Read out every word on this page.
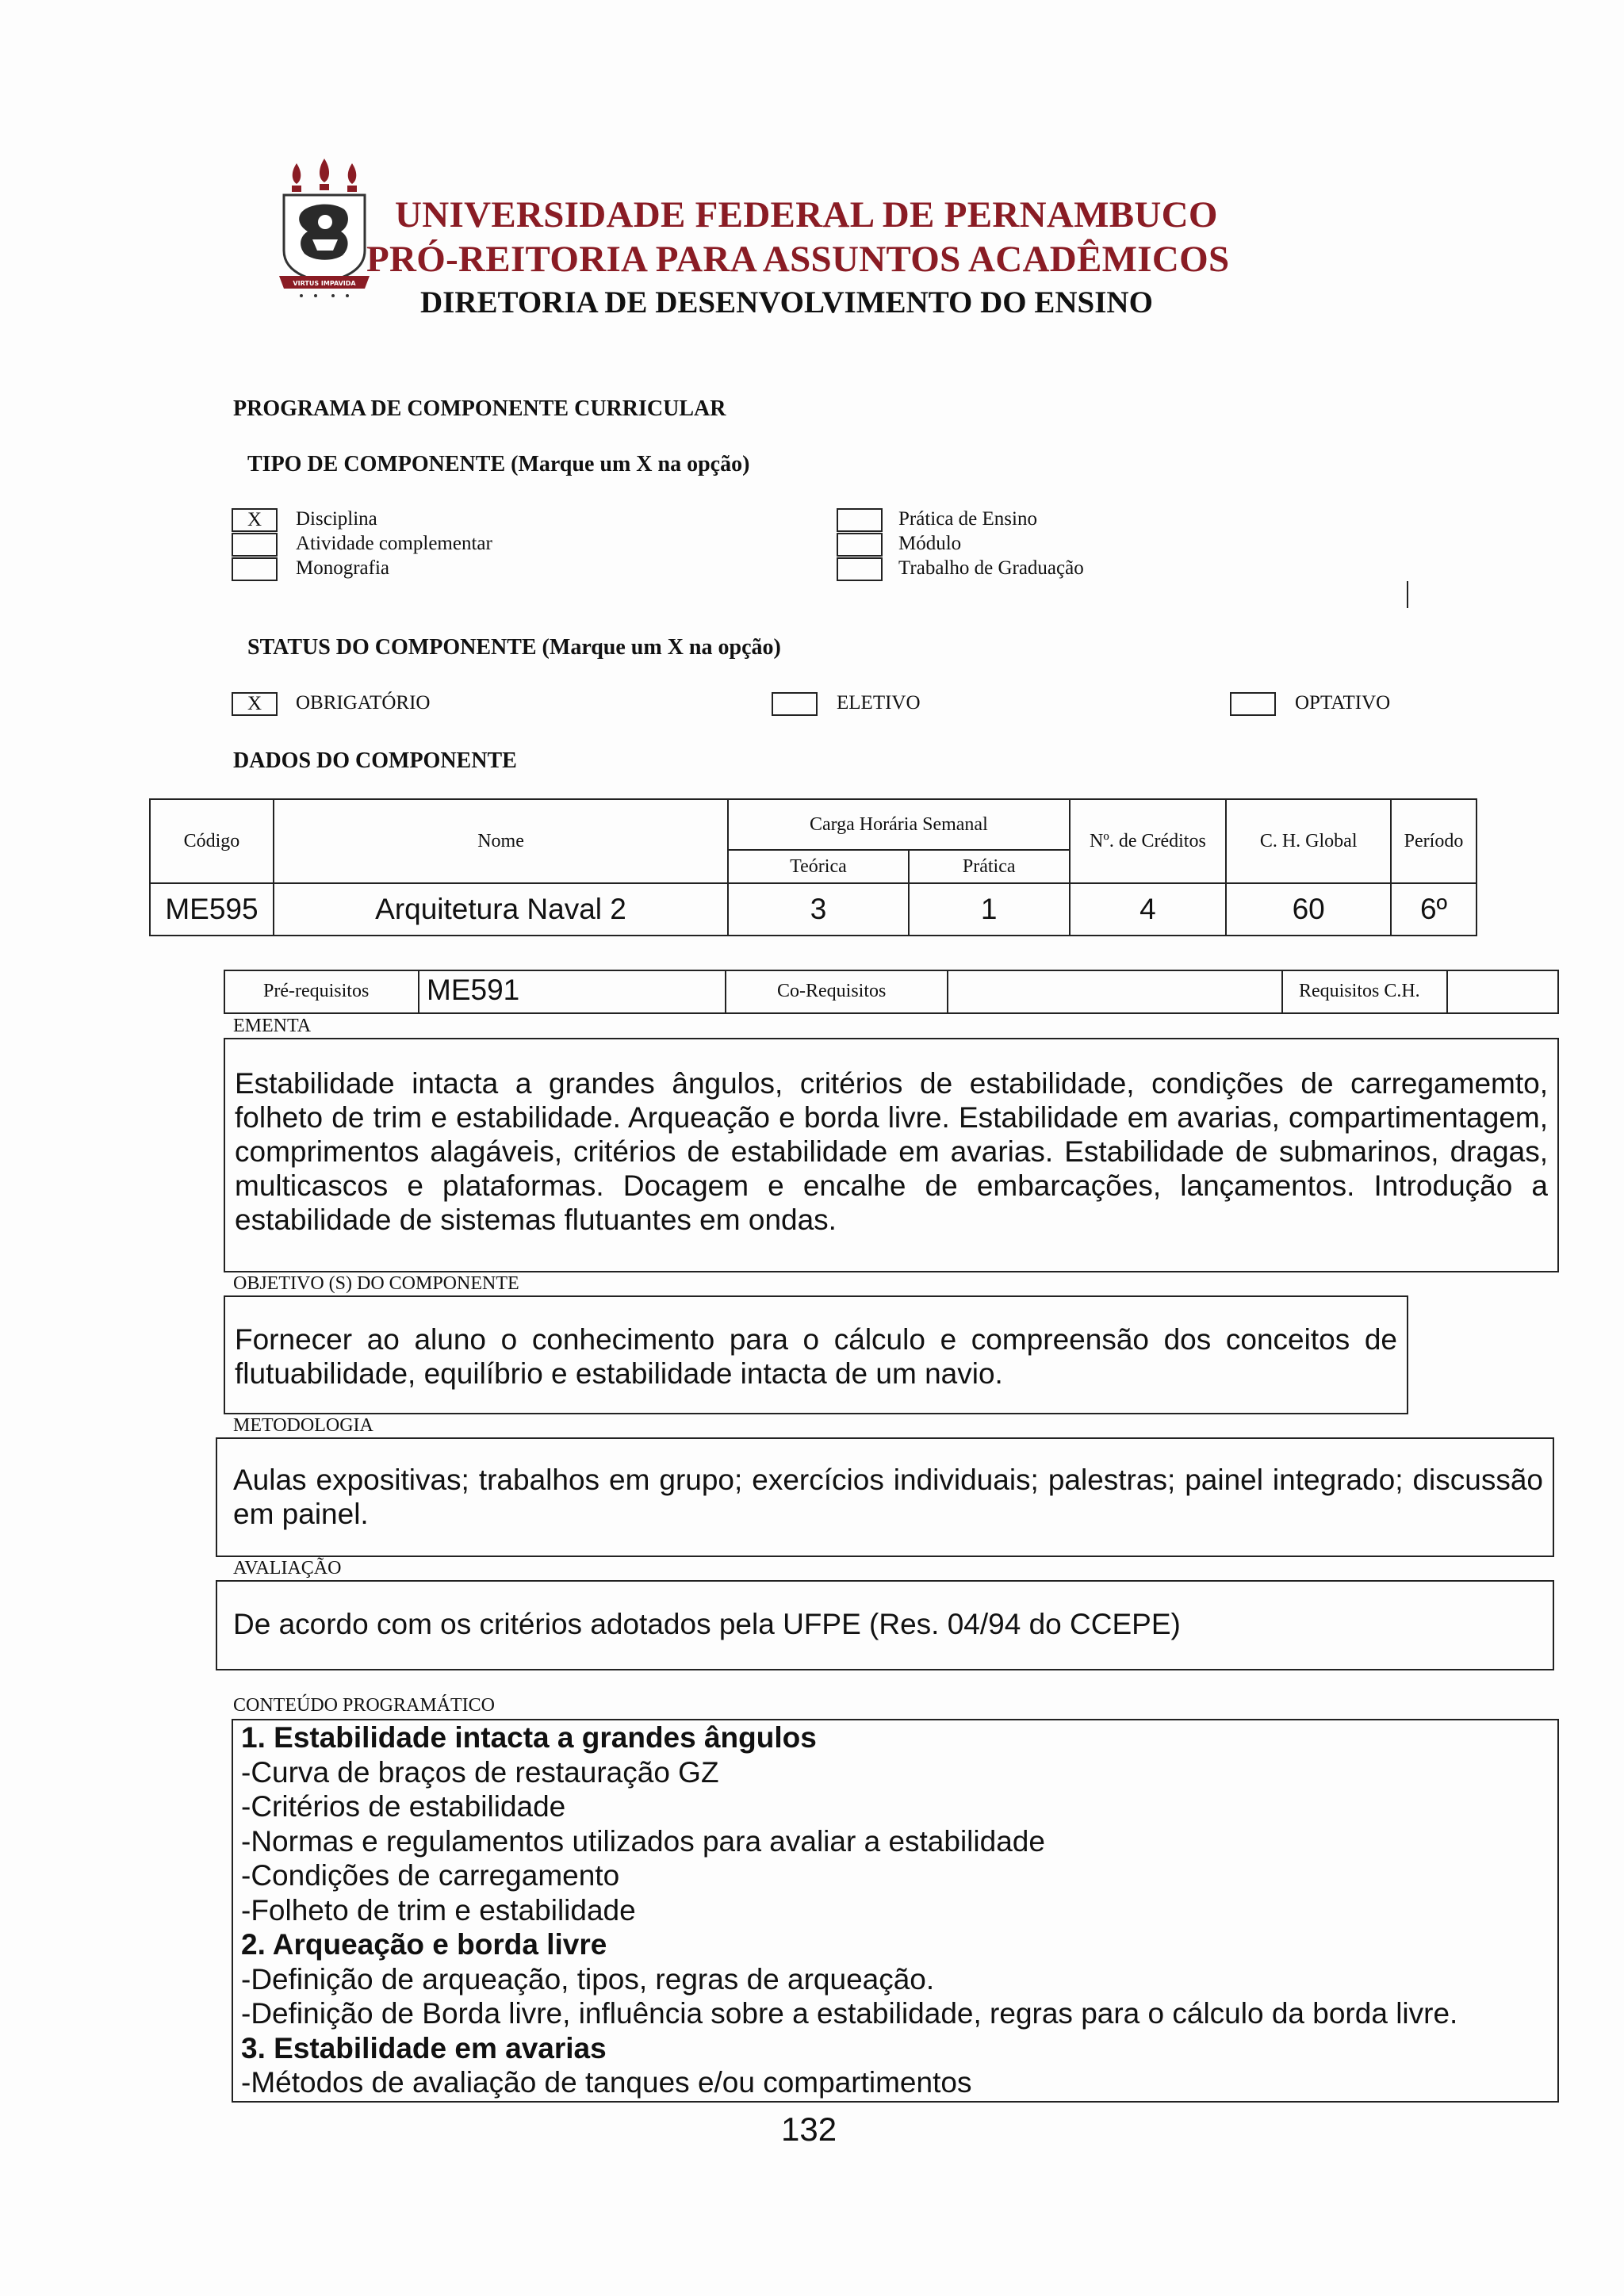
VIRTUS IMPAVIDA
UNIVERSIDADE FEDERAL DE PERNAMBUCO
PRÓ-REITORIA PARA ASSUNTOS ACADÊMICOS
DIRETORIA DE DESENVOLVIMENTO DO ENSINO
PROGRAMA DE COMPONENTE CURRICULAR
TIPO DE COMPONENTE (Marque um X na opção)
X	Disciplina
Atividade complementar
Monografia
Prática de Ensino
Módulo
Trabalho de Graduação
STATUS DO COMPONENTE (Marque um X na opção)
X	OBRIGATÓRIO	ELETIVO	OPTATIVO
DADOS DO COMPONENTE
Código	Nome	Carga Horária Semanal		Nº. de Créditos	C. H. Global	Período
		Teórica	Prática			
ME595	Arquitetura Naval 2	3	1	4	60	6º
Pré-requisitos ME591	Co-Requisitos	Requisitos C.H.
EMENTA
Estabilidade intacta a grandes ângulos, critérios de estabilidade, condições de carregamemto, folheto de trim e estabilidade. Arqueação e borda livre. Estabilidade em avarias, compartimentagem, comprimentos alagáveis, critérios de estabilidade em avarias. Estabilidade de submarinos, dragas, multicascos e plataformas. Docagem e encalhe de embarcações, lançamentos. Introdução a estabilidade de sistemas flutuantes em ondas.
OBJETIVO (S) DO COMPONENTE
Fornecer ao aluno o conhecimento para o cálculo e compreensão dos conceitos de flutuabilidade, equilíbrio e estabilidade intacta de um navio.
METODOLOGIA
Aulas expositivas; trabalhos em grupo; exercícios individuais; palestras; painel integrado; discussão em painel.
AVALIAÇÃO
De acordo com os critérios adotados pela UFPE (Res. 04/94 do CCEPE)
CONTEÚDO PROGRAMÁTICO
1. Estabilidade intacta a grandes ângulos
-Curva de braços de restauração GZ
-Critérios de estabilidade
-Normas e regulamentos utilizados para avaliar a estabilidade
-Condições de carregamento
-Folheto de trim e estabilidade
2. Arqueação e borda livre
-Definição de arqueação, tipos, regras de arqueação.
-Definição de Borda livre, influência sobre a estabilidade, regras para o cálculo da borda livre.
3. Estabilidade em avarias
-Métodos de avaliação de tanques e/ou compartimentos
132
